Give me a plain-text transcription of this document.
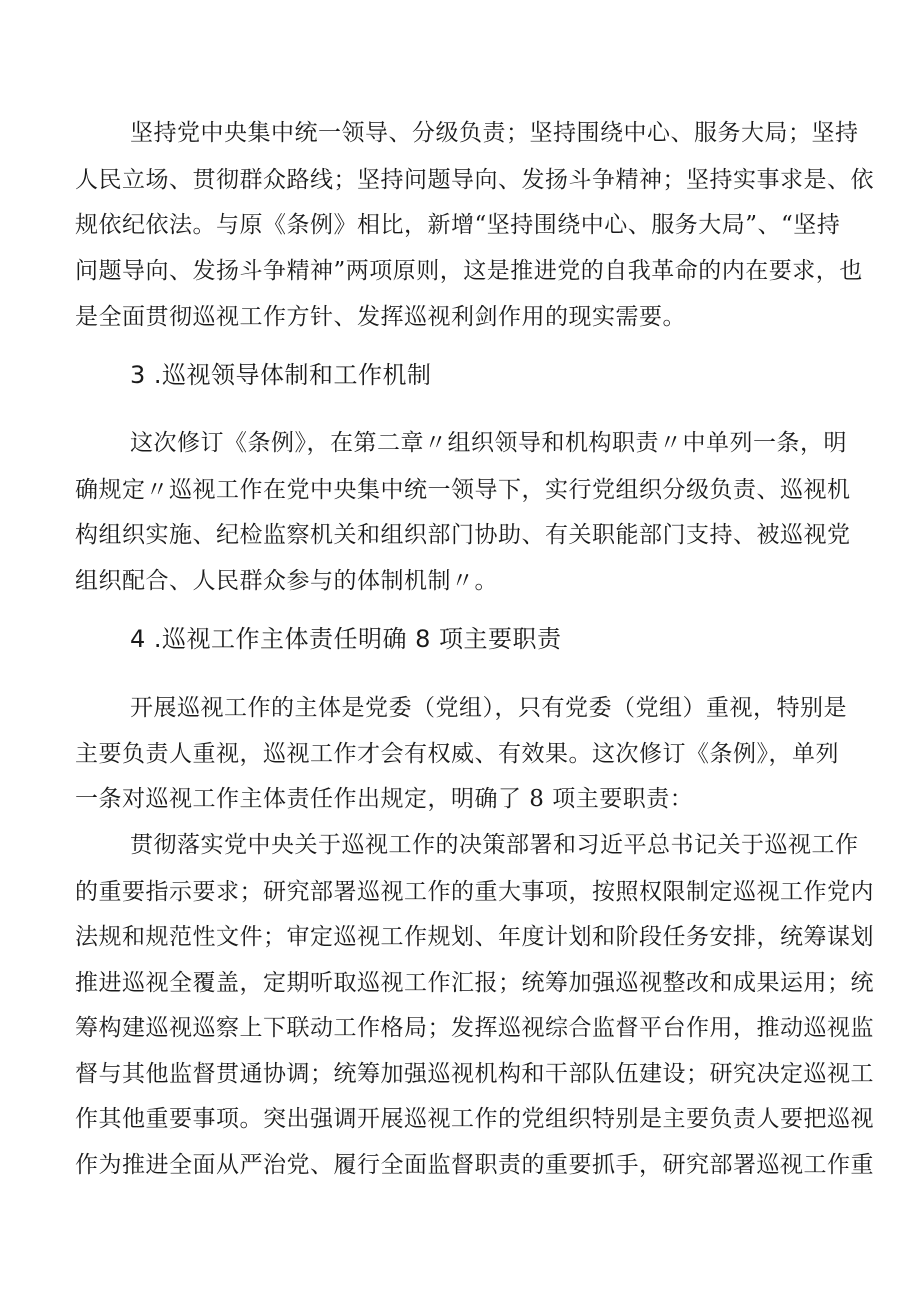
坚持党中央集中统一领导、分级负责；坚持围绕中心、服务大局；坚持
人民立场、贯彻群众路线；坚持问题导向、发扬斗争精神；坚持实事求是、依
规依纪依法。与原《条例》相比，新增“坚持围绕中心、服务大局”、“坚持
问题导向、发扬斗争精神”两项原则，这是推进党的自我革命的内在要求，也
是全面贯彻巡视工作方针、发挥巡视利剑作用的现实需要。
3 .巡视领导体制和工作机制
这次修订《条例》，在第二章〃组织领导和机构职责〃中单列一条，明
确规定〃巡视工作在党中央集中统一领导下，实行党组织分级负责、巡视机
构组织实施、纪检监察机关和组织部门协助、有关职能部门支持、被巡视党
组织配合、人民群众参与的体制机制〃。
4 .巡视工作主体责任明确 8 项主要职责
开展巡视工作的主体是党委（党组），只有党委（党组）重视，特别是
主要负责人重视，巡视工作才会有权威、有效果。这次修订《条例》，单列
一条对巡视工作主体责任作出规定，明确了 8 项主要职责：
贯彻落实党中央关于巡视工作的决策部署和习近平总书记关于巡视工作
的重要指示要求；研究部署巡视工作的重大事项，按照权限制定巡视工作党内
法规和规范性文件；审定巡视工作规划、年度计划和阶段任务安排，统筹谋划
推进巡视全覆盖，定期听取巡视工作汇报；统筹加强巡视整改和成果运用；统
筹构建巡视巡察上下联动工作格局；发挥巡视综合监督平台作用，推动巡视监
督与其他监督贯通协调；统筹加强巡视机构和干部队伍建设；研究决定巡视工
作其他重要事项。突出强调开展巡视工作的党组织特别是主要负责人要把巡视
作为推进全面从严治党、履行全面监督职责的重要抓手，研究部署巡视工作重
